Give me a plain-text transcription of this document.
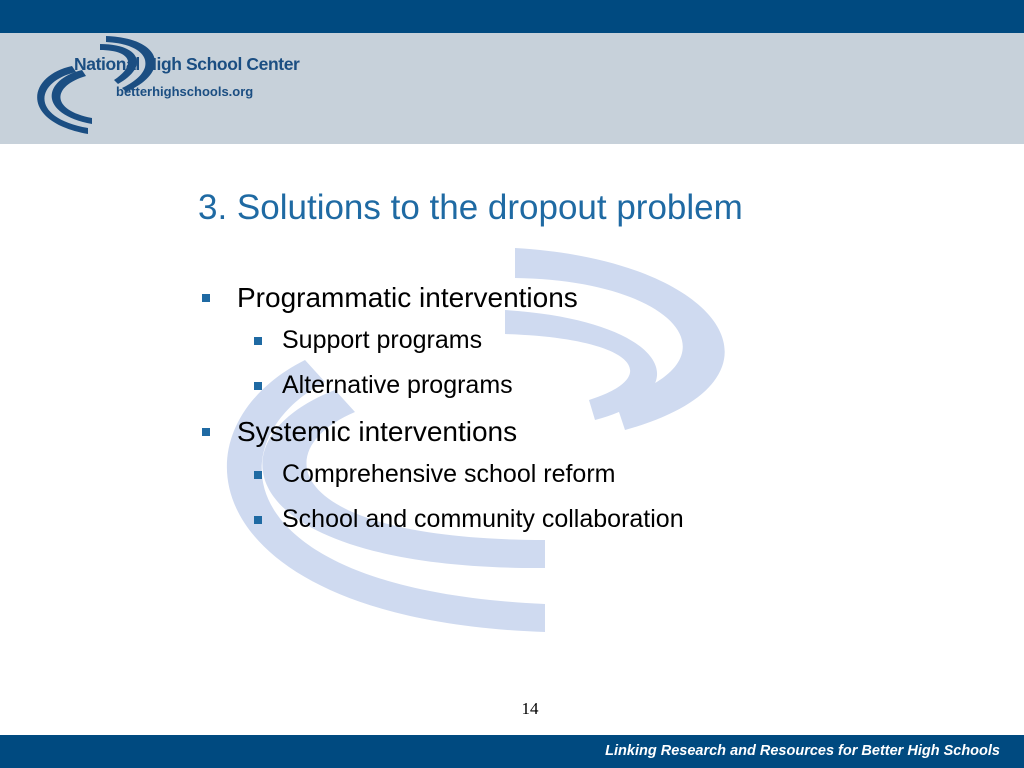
National High School Center
betterhighschools.org
3. Solutions to the dropout problem
Programmatic interventions
Support programs
Alternative programs
Systemic interventions
Comprehensive school reform
School and community collaboration
14
Linking Research and Resources for Better High Schools
